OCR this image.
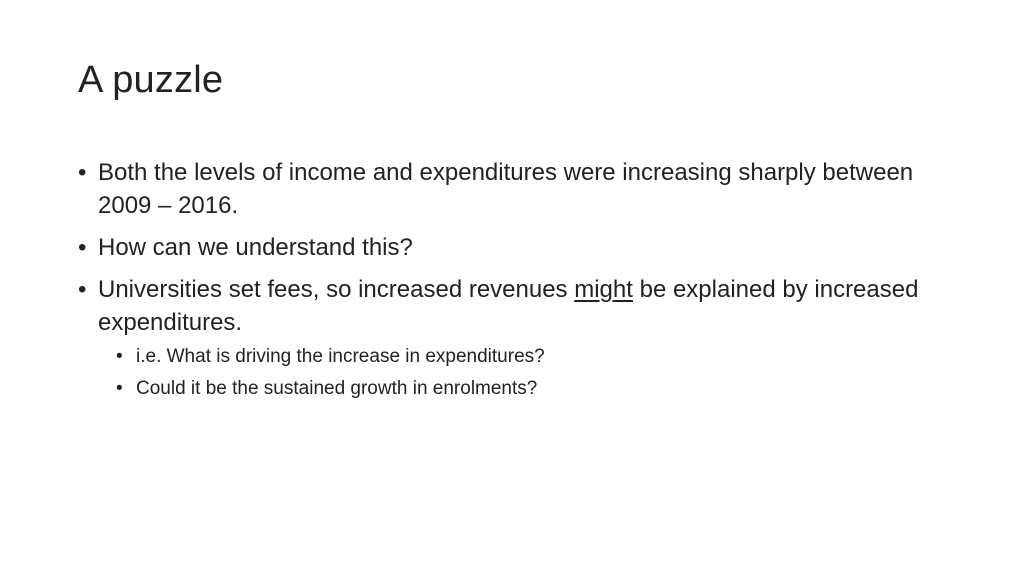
A puzzle
• Both the levels of income and expenditures were increasing sharply between 2009 – 2016.
• How can we understand this?
• Universities set fees, so increased revenues might be explained by increased expenditures.
• i.e. What is driving the increase in expenditures?
• Could it be the sustained growth in enrolments?
